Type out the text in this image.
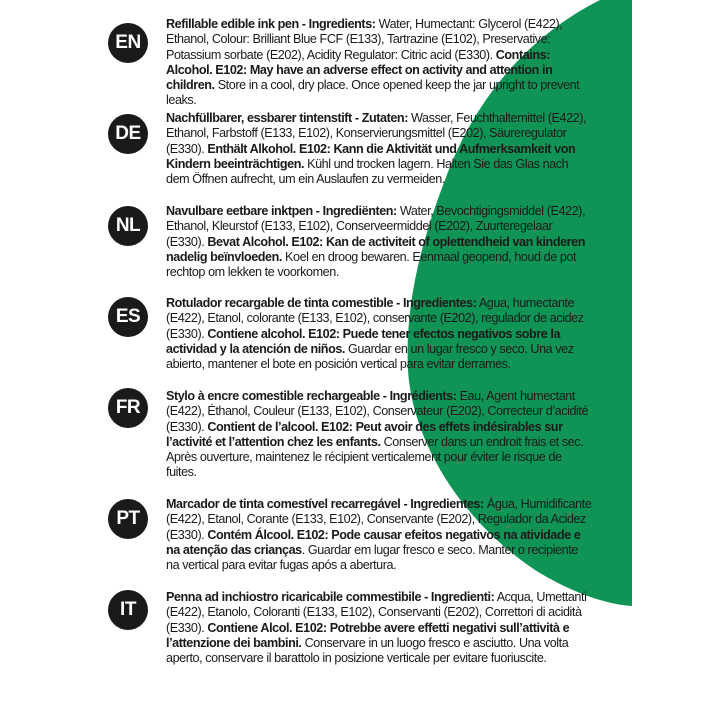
EN
Refillable edible ink pen - Ingredients: Water, Humectant: Glycerol (E422), Ethanol, Colour: Brilliant Blue FCF (E133), Tartrazine (E102), Preservative: Potassium sorbate (E202), Acidity Regulator: Citric acid (E330). Contains: Alcohol. E102: May have an adverse effect on activity and attention in children. Store in a cool, dry place. Once opened keep the jar upright to prevent leaks.
DE
Nachfüllbarer, essbarer tintenstift - Zutaten: Wasser, Feuchthaltemittel (E422), Ethanol, Farbstoff (E133, E102), Konservierungsmittel (E202), Säureregulator (E330). Enthält Alkohol. E102: Kann die Aktivität und Aufmerksamkeit von Kindern beeinträchtigen. Kühl und trocken lagern. Halten Sie das Glas nach dem Öffnen aufrecht, um ein Auslaufen zu vermeiden.
NL
Navulbare eetbare inktpen - Ingrediënten: Water, Bevochtigingsmiddel (E422), Ethanol, Kleurstof (E133, E102), Conserveermiddel (E202), Zuurteregelaar (E330). Bevat Alcohol. E102: Kan de activiteit of oplettendheid van kinderen nadelig beïnvloeden. Koel en droog bewaren. Eenmaal geopend, houd de pot rechtop om lekken te voorkomen.
ES
Rotulador recargable de tinta comestible - Ingredientes: Agua, humectante (E422), Etanol, colorante (E133, E102), conservante (E202), regulador de acidez (E330). Contiene alcohol. E102: Puede tener efectos negativos sobre la actividad y la atención de niños. Guardar en un lugar fresco y seco. Una vez abierto, mantener el bote en posición vertical para evitar derrames.
FR
Stylo à encre comestible rechargeable - Ingrédients: Eau, Agent humectant (E422), Éthanol, Couleur (E133, E102), Conservateur (E202), Correcteur d’acidité (E330). Contient de l’alcool. E102: Peut avoir des effets indésirables sur l’activité et l’attention chez les enfants. Conserver dans un endroit frais et sec. Après ouverture, maintenez le récipient verticalement pour éviter le risque de fuites.
PT
Marcador de tinta comestível recarregável - Ingredientes: Água, Humidificante (E422), Etanol, Corante (E133, E102), Conservante (E202), Regulador da Acidez (E330). Contém Álcool. E102: Pode causar efeitos negativos na atividade e na atenção das crianças. Guardar em lugar fresco e seco. Manter o recipiente na vertical para evitar fugas após a abertura.
IT
Penna ad inchiostro ricaricabile commestibile - Ingredienti: Acqua, Umettanti (E422), Etanolo, Coloranti (E133, E102), Conservanti (E202), Correttori di acidità (E330). Contiene Alcol. E102: Potrebbe avere effetti negativi sull’attività e l’attenzione dei bambini. Conservare in un luogo fresco e asciutto. Una volta aperto, conservare il barattolo in posizione verticale per evitare fuoriuscite.
